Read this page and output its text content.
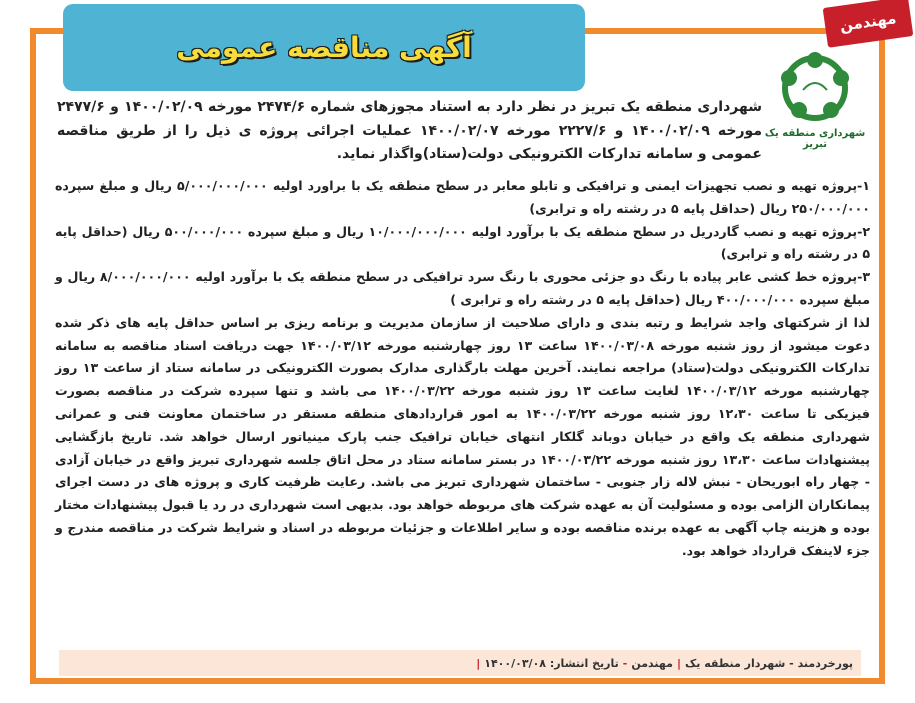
آگهی مناقصه عمومی
مهندمن
شهرداری منطقه یک تبریز
شهرداری منطقه یک تبریز در نظر دارد به استناد مجوزهای شماره ۲۴۷۴/۶ مورخه ۱۴۰۰/۰۲/۰۹ و ۲۴۷۷/۶ مورخه ۱۴۰۰/۰۲/۰۹ و ۲۲۲۷/۶ مورخه ۱۴۰۰/۰۲/۰۷ عملیات اجرائی پروژه ی ذیل را از طریق مناقصه عمومی و سامانه تدارکات الکترونیکی دولت(ستاد)واگذار نماید.

۱-پروژه تهیه و نصب تجهیزات ایمنی و ترافیکی و تابلو معابر در سطح منطقه یک با براورد اولیه ۵/۰۰۰/۰۰۰/۰۰۰ ریال و مبلغ سپرده ۲۵۰/۰۰۰/۰۰۰ ریال (حداقل پایه ۵ در رشته راه و ترابری)

۲-پروژه تهیه و نصب گاردریل در سطح منطقه یک با برآورد اولیه ۱۰/۰۰۰/۰۰۰/۰۰۰ ریال و مبلغ سپرده ۵۰۰/۰۰۰/۰۰۰ ریال (حداقل پایه ۵ در رشته راه و ترابری)

۳-پروژه خط کشی عابر پیاده با رنگ دو جزئی محوری با رنگ سرد ترافیکی در سطح منطقه یک با برآورد اولیه ۸/۰۰۰/۰۰۰/۰۰۰ ریال و مبلغ سپرده ۴۰۰/۰۰۰/۰۰۰ ریال (حداقل پایه ۵ در رشته راه و ترابری )

لذا از شرکتهای واجد شرایط و رتبه بندی و دارای صلاحیت از سازمان مدیریت و برنامه ریزی بر اساس حداقل پایه های ذکر شده دعوت میشود از روز شنبه مورخه ۱۴۰۰/۰۳/۰۸ ساعت ۱۳ روز چهارشنبه مورخه ۱۴۰۰/۰۳/۱۲ جهت دریافت اسناد مناقصه به سامانه تدارکات الکترونیکی دولت(ستاد) مراجعه نمایند. آخرین مهلت بارگذاری مدارک بصورت الکترونیکی در سامانه ستاد از ساعت ۱۳ روز چهارشنبه مورخه ۱۴۰۰/۰۳/۱۲ لغایت ساعت ۱۳ روز شنبه مورخه ۱۴۰۰/۰۳/۲۲ می باشد و تنها سپرده شرکت در مناقصه بصورت فیزیکی تا ساعت ۱۲،۳۰ روز شنبه مورخه ۱۴۰۰/۰۳/۲۲ به امور قراردادهای منطقه مستقر در ساختمان معاونت فنی و عمرانی شهرداری منطقه یک واقع در خیابان دوباند گلکار انتهای خیابان ترافیک جنب پارک مینیاتور ارسال خواهد شد. تاریخ بازگشایی پیشنهادات ساعت ۱۳،۳۰ روز شنبه مورخه ۱۴۰۰/۰۳/۲۲ در بستر سامانه ستاد در محل اتاق جلسه شهرداری تبریز واقع در خیابان آزادی - چهار راه ابوریحان - نبش لاله زار جنوبی - ساختمان شهرداری تبریز می باشد. رعایت ظرفیت کاری و پروژه های در دست اجرای پیمانکاران الزامی بوده و مسئولیت آن به عهده شرکت های مربوطه خواهد بود. بدیهی است شهرداری در رد یا قبول پیشنهادات مختار بوده و هزینه چاپ آگهی به عهده برنده مناقصه بوده و سایر اطلاعات و جزئیات مربوطه در اسناد و شرایط شرکت در مناقصه مندرج و جزء لاینفک قرارداد خواهد بود.

پورخردمند - شهردار منطقه یک
|
مهندمن
-
تاریخ انتشار: ۱۴۰۰/۰۳/۰۸
|
